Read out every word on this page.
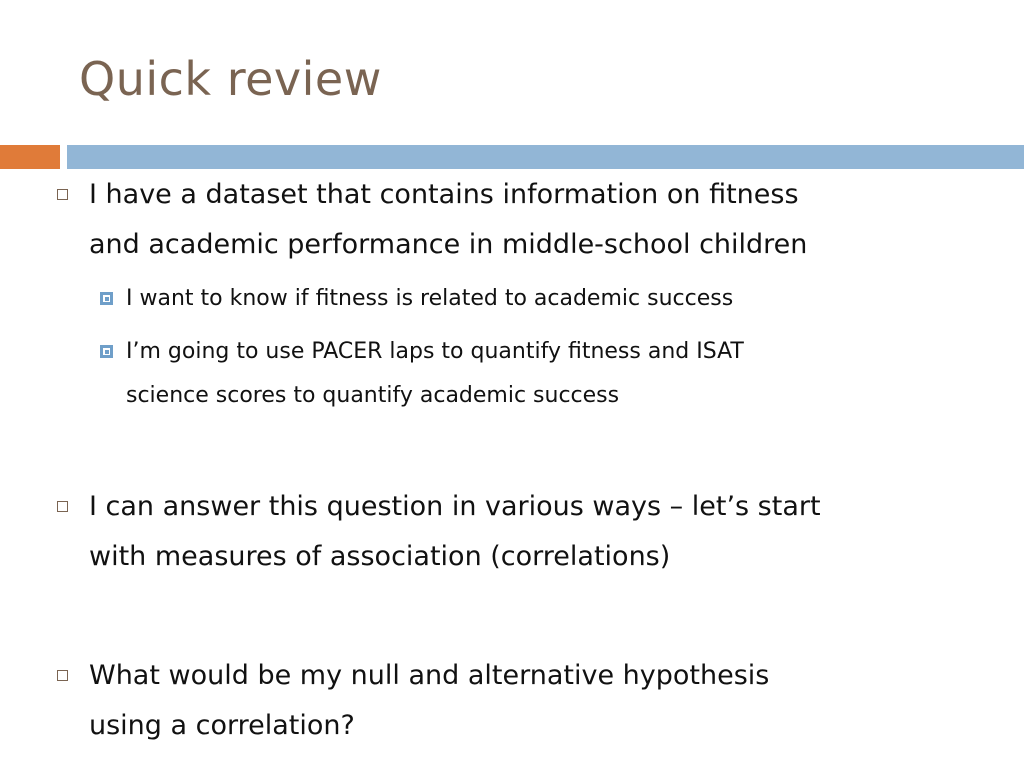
Quick review
I have a dataset that contains information on fitness
and academic performance in middle-school children
I want to know if fitness is related to academic success
I’m going to use PACER laps to quantify fitness and ISAT
science scores to quantify academic success
I can answer this question in various ways – let’s start
with measures of association (correlations)
What would be my null and alternative hypothesis
using a correlation?
